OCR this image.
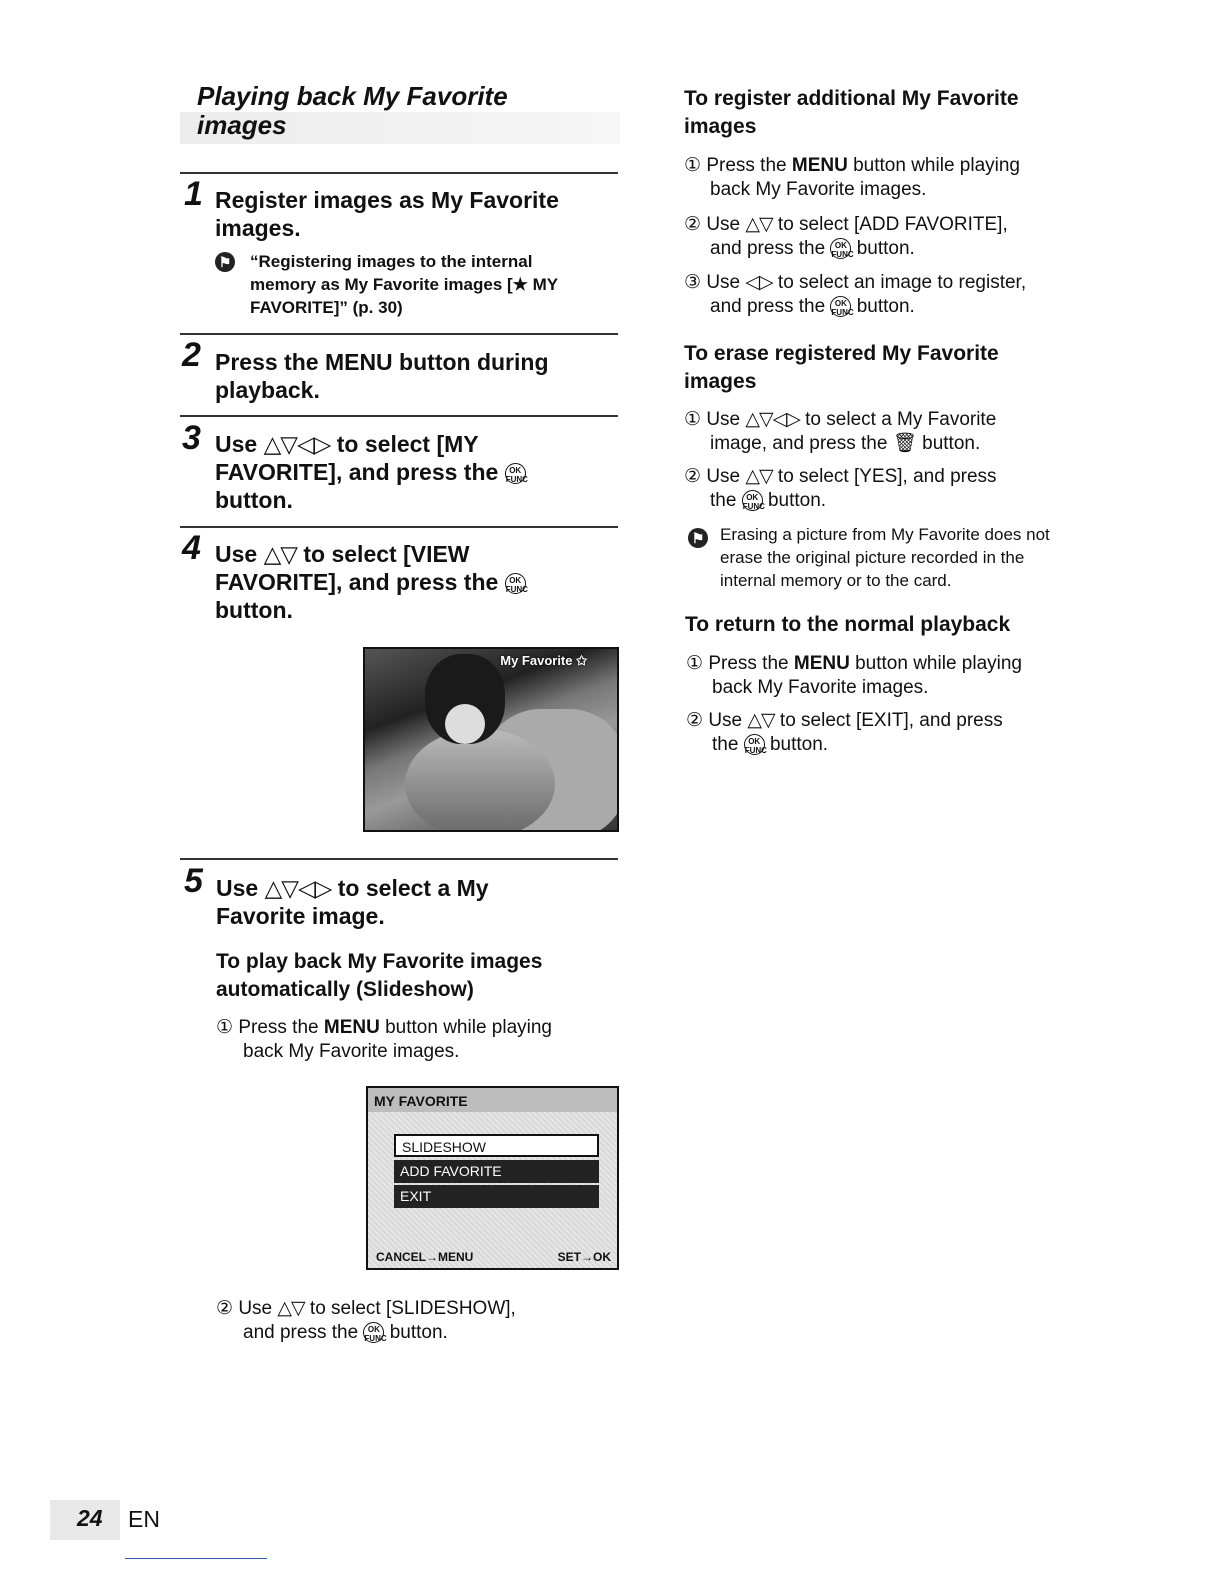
Playing back My Favorite
images
1 Register images as My Favorite images.
⚑ “Registering images to the internal
memory as My Favorite images [★ MY
FAVORITE]” (p. 30)
2 Press the MENU button during
playback.
3 Use △▽◁▷ to select [MY
FAVORITE], and press the OK
FUNC
button.
4 Use △▽ to select [VIEW
FAVORITE], and press the OK
FUNC
button.
My Favorite ✩
5 Use △▽◁▷ to select a My
Favorite image.
To play back My Favorite images
automatically (Slideshow)
① Press the MENU button while playing
back My Favorite images.
MY FAVORITE
SLIDESHOW
ADD FAVORITE
EXIT
CANCEL→MENU	SET→OK
② Use △▽ to select [SLIDESHOW],
and press the OK
FUNC button.
To register additional My Favorite
images
① Press the MENU button while playing
back My Favorite images.
② Use △▽ to select [ADD FAVORITE],
and press the OK
FUNC button.
③ Use ◁▷ to select an image to register,
and press the OK
FUNC button.
To erase registered My Favorite
images
① Use △▽◁▷ to select a My Favorite
image, and press the 🗑 button.
② Use △▽ to select [YES], and press
the OK
FUNC button.
⚑ Erasing a picture from My Favorite does not
erase the original picture recorded in the
internal memory or to the card.
To return to the normal playback
① Press the MENU button while playing
back My Favorite images.
② Use △▽ to select [EXIT], and press
the OK
FUNC button.
24 EN
